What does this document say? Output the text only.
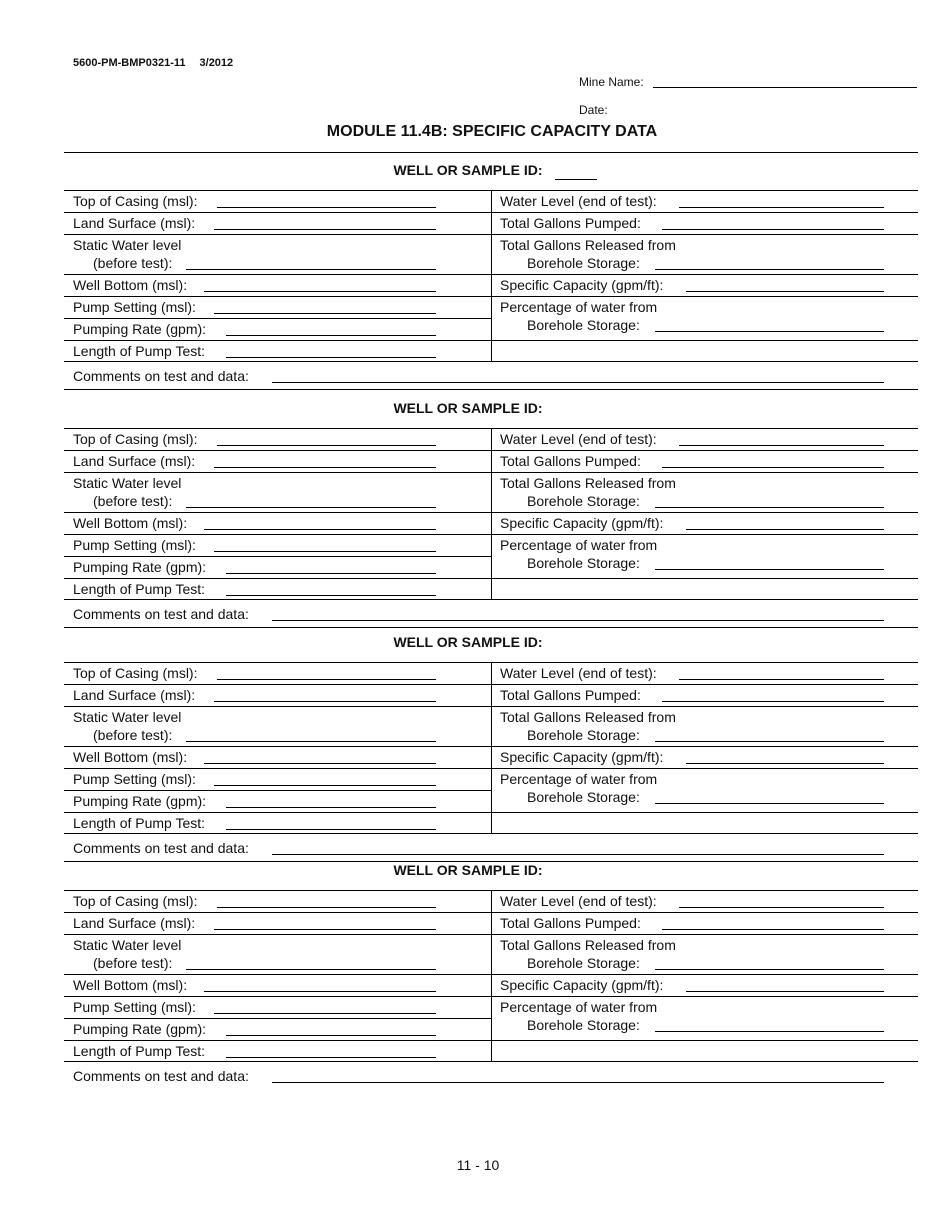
5600-PM-BMP0321-11 3/2012
Mine Name:
Date:
MODULE 11.4B: SPECIFIC CAPACITY DATA
WELL OR SAMPLE ID:
Top of Casing (msl):
Land Surface (msl):
Static Water level
(before test):
Well Bottom (msl):
Pump Setting (msl):
Pumping Rate (gpm):
Length of Pump Test:
Water Level (end of test):
Total Gallons Pumped:
Total Gallons Released from
Borehole Storage:
Specific Capacity (gpm/ft):
Percentage of water from
Borehole Storage:
Comments on test and data:
WELL OR SAMPLE ID:
Top of Casing (msl):
Land Surface (msl):
Static Water level
(before test):
Well Bottom (msl):
Pump Setting (msl):
Pumping Rate (gpm):
Length of Pump Test:
Water Level (end of test):
Total Gallons Pumped:
Total Gallons Released from
Borehole Storage:
Specific Capacity (gpm/ft):
Percentage of water from
Borehole Storage:
Comments on test and data:
WELL OR SAMPLE ID:
Top of Casing (msl):
Land Surface (msl):
Static Water level
(before test):
Well Bottom (msl):
Pump Setting (msl):
Pumping Rate (gpm):
Length of Pump Test:
Water Level (end of test):
Total Gallons Pumped:
Total Gallons Released from
Borehole Storage:
Specific Capacity (gpm/ft):
Percentage of water from
Borehole Storage:
Comments on test and data:
WELL OR SAMPLE ID:
Top of Casing (msl):
Land Surface (msl):
Static Water level
(before test):
Well Bottom (msl):
Pump Setting (msl):
Pumping Rate (gpm):
Length of Pump Test:
Water Level (end of test):
Total Gallons Pumped:
Total Gallons Released from
Borehole Storage:
Specific Capacity (gpm/ft):
Percentage of water from
Borehole Storage:
Comments on test and data:
11 - 10
